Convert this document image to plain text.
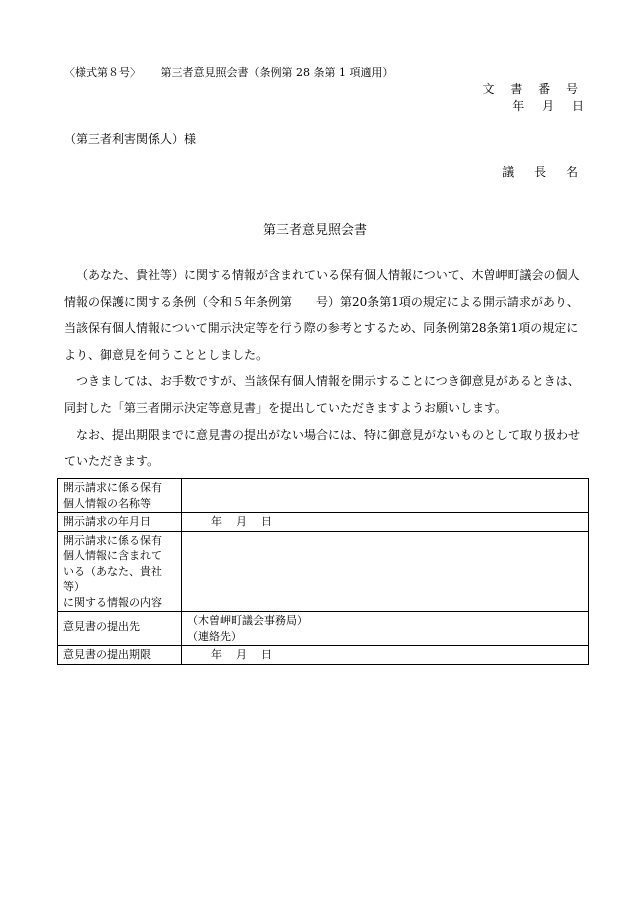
〈様式第８号〉 第三者意見照会書（条例第 28 条第 1 項適用）
文 書 番 号
年 月 日
（第三者利害関係人）様
議 長 名
第三者意見照会書

（あなた、貴社等）に関する情報が含まれている保有個人情報について、木曽岬町議会の個人情報の保護に関する条例（令和５年条例第　　号）第20条第1項の規定による開示請求があり、当該保有個人情報について開示決定等を行う際の参考とするため、同条例第28条第1項の規定により、御意見を伺うこととしました。

つきましては、お手数ですが、当該保有個人情報を開示することにつき御意見があるときは、同封した「第三者開示決定等意見書」を提出していただきますようお願いします。

なお、提出期限までに意見書の提出がない場合には、特に御意見がないものとして取り扱わせていただきます。

開示請求に係る保有
個人情報の名称等	

開示請求の年月日	年 月 日

開示請求に係る保有
個人情報に含まれて
いる（あなた、貴社等）
に関する情報の内容	

意見書の提出先	（木曽岬町議会事務局）
（連絡先）

意見書の提出期限	年 月 日
